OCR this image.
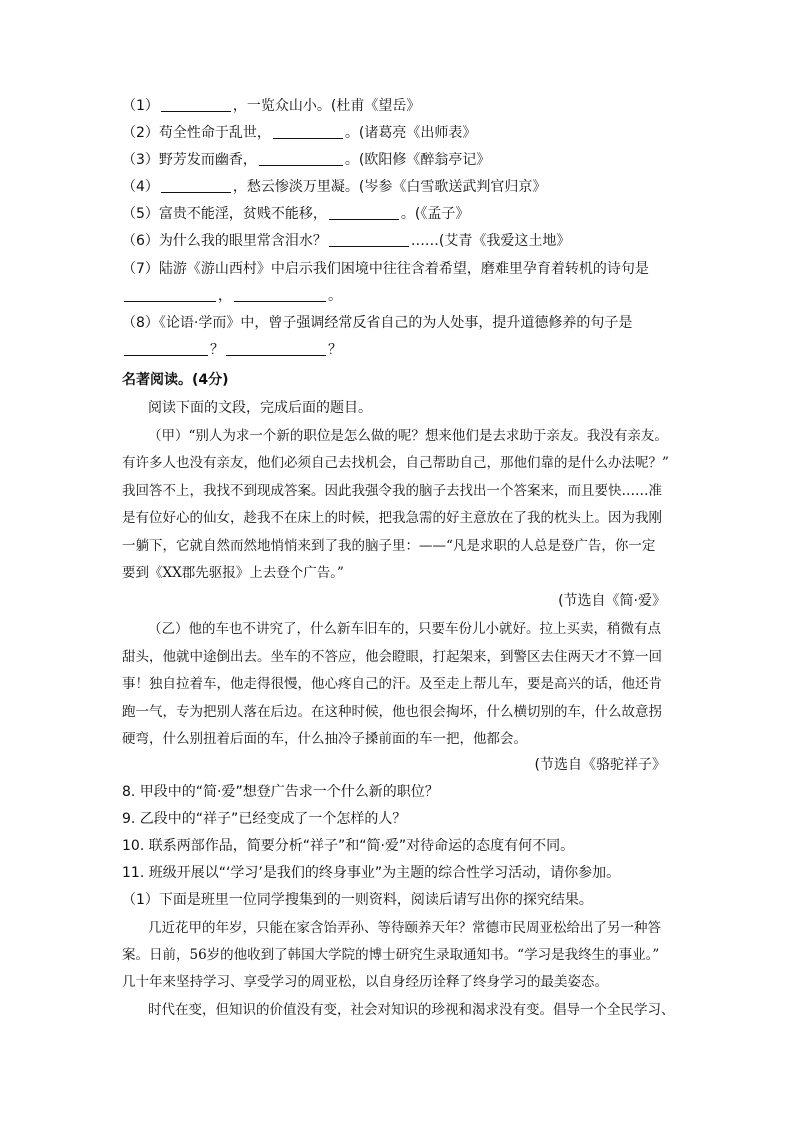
（1）	，一览众山小。(杜甫《望岳》
（2）苟全性命于乱世，	。(诸葛亮《出师表》
（3）野芳发而幽香，	。(欧阳修《醉翁亭记》
（4）	，愁云惨淡万里凝。(岑参《白雪歌送武判官归京》
（5）富贵不能淫，贫贱不能移，	。(《孟子》
（6）为什么我的眼里常含泪水？	……(艾青《我爱这土地》
（7）陆游《游山西村》中启示我们困境中往往含着希望，磨难里孕育着转机的诗句是
，	。
（8）《论语·学而》中，曾子强调经常反省自己的为人处事，提升道德修养的句子是
？	？
名著阅读。(4分)
阅读下面的文段，完成后面的题目。
（甲）“别人为求一个新的职位是怎么做的呢？想来他们是去求助于亲友。我没有亲友。
有许多人也没有亲友，他们必须自己去找机会，自己帮助自己，那他们靠的是什么办法呢？”
我回答不上，我找不到现成答案。因此我强令我的脑子去找出一个答案来，而且要快……准
是有位好心的仙女，趁我不在床上的时候，把我急需的好主意放在了我的枕头上。因为我刚
一躺下，它就自然而然地悄悄来到了我的脑子里：——“凡是求职的人总是登广告，你一定
要到《XX郡先驱报》上去登个广告。”
(节选自《简·爱》
（乙）他的车也不讲究了，什么新车旧车的，只要车份儿小就好。拉上买卖，稍微有点
甜头，他就中途倒出去。坐车的不答应，他会瞪眼，打起架来，到警区去住两天才不算一回
事！独自拉着车，他走得很慢，他心疼自己的汗。及至走上帮儿车，要是高兴的话，他还肯
跑一气，专为把别人落在后边。在这种时候，他也很会掏坏，什么横切别的车，什么故意拐
硬弯，什么别扭着后面的车，什么抽冷子搡前面的车一把，他都会。
(节选自《骆驼祥子》
8. 甲段中的“简·爱”想登广告求一个什么新的职位？
9. 乙段中的“祥子”已经变成了一个怎样的人？
10. 联系两部作品，简要分析“祥子”和“简·爱”对待命运的态度有何不同。
11. 班级开展以“‘学习’是我们的终身事业”为主题的综合性学习活动，请你参加。
（1）下面是班里一位同学搜集到的一则资料，阅读后请写出你的探究结果。
几近花甲的年岁，只能在家含饴弄孙、等待颐养天年？常德市民周亚松给出了另一种答
案。日前，56岁的他收到了韩国大学院的博士研究生录取通知书。“学习是我终生的事业。”
几十年来坚持学习、享受学习的周亚松，以自身经历诠释了终身学习的最美姿态。
时代在变，但知识的价值没有变，社会对知识的珍视和渴求没有变。倡导一个全民学习、
